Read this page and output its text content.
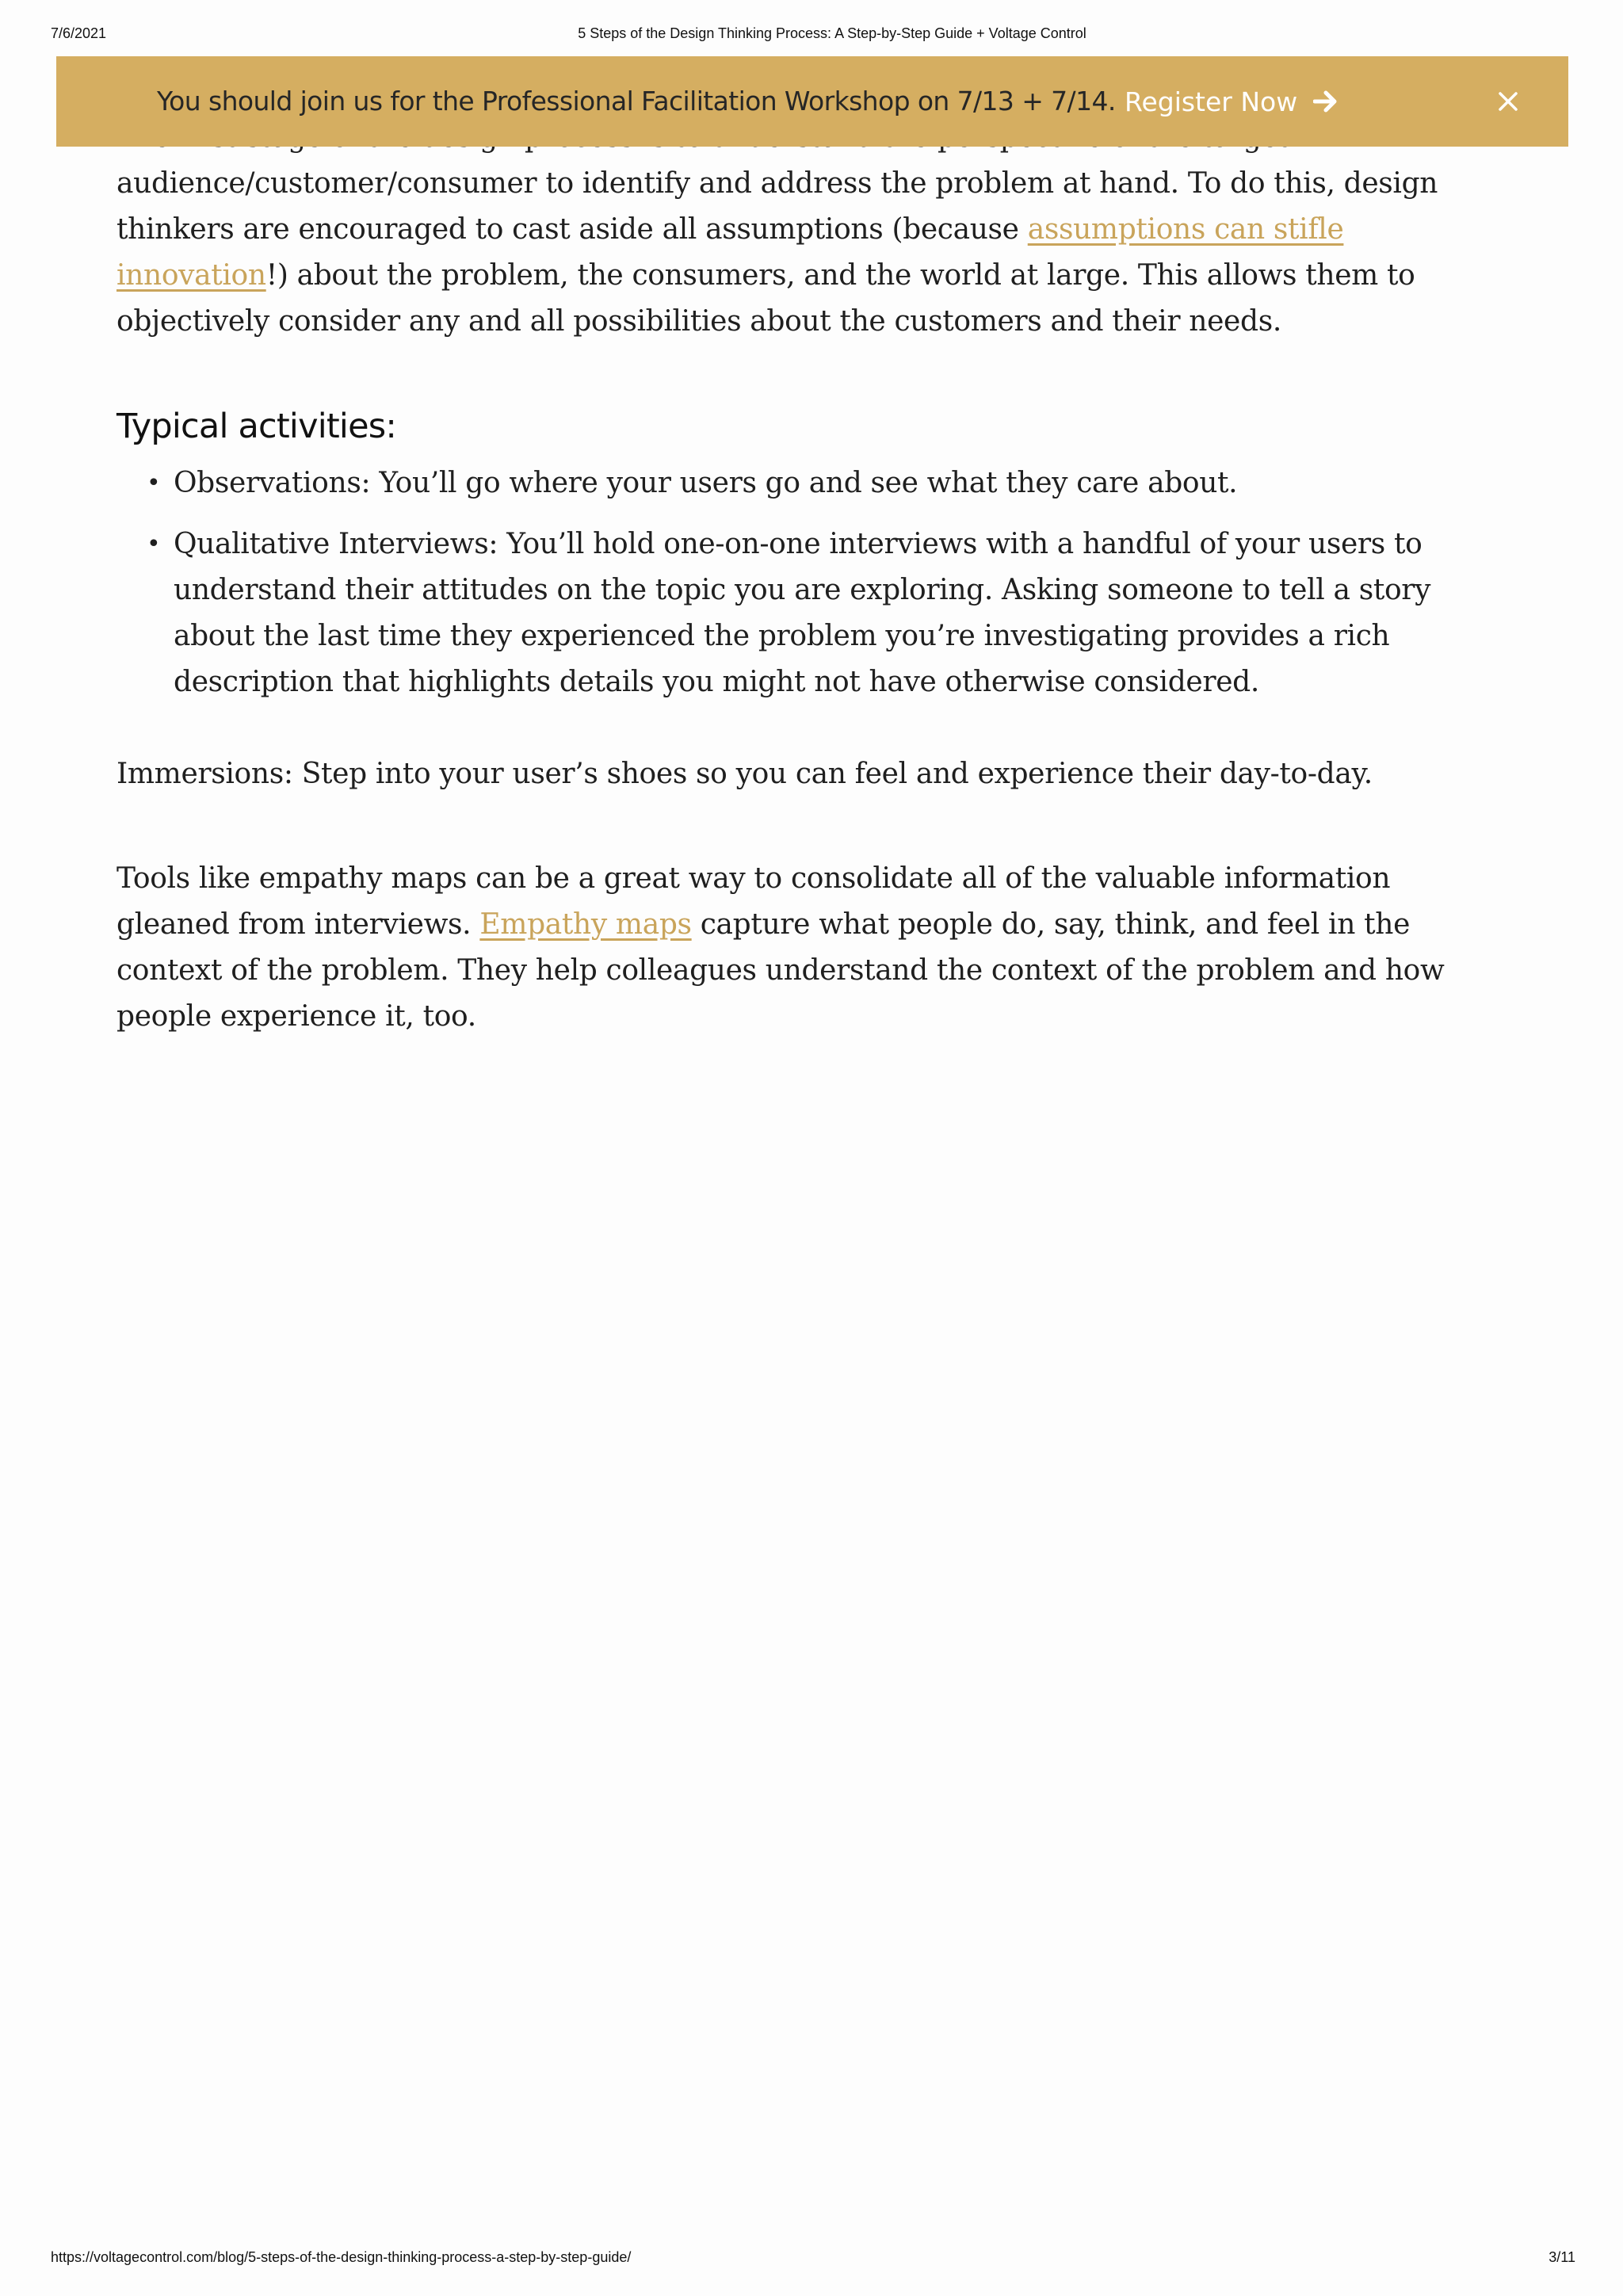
7/6/2021	5 Steps of the Design Thinking Process: A Step-by-Step Guide + Voltage Control
You should join us for the Professional Facilitation Workshop on 7/13 + 7/14. Register Now

audience/customer/consumer to identify and address the problem at hand. To do this, design thinkers are encouraged to cast aside all assumptions (because assumptions can stifle innovation!) about the problem, the consumers, and the world at large. This allows them to objectively consider any and all possibilities about the customers and their needs.

Typical activities:
• Observations: You’ll go where your users go and see what they care about.
• Qualitative Interviews: You’ll hold one-on-one interviews with a handful of your users to understand their attitudes on the topic you are exploring. Asking someone to tell a story about the last time they experienced the problem you’re investigating provides a rich description that highlights details you might not have otherwise considered.

Immersions: Step into your user’s shoes so you can feel and experience their day-to-day.

Tools like empathy maps can be a great way to consolidate all of the valuable information gleaned from interviews. Empathy maps capture what people do, say, think, and feel in the context of the problem. They help colleagues understand the context of the problem and how people experience it, too.

https://voltagecontrol.com/blog/5-steps-of-the-design-thinking-process-a-step-by-step-guide/	3/11
